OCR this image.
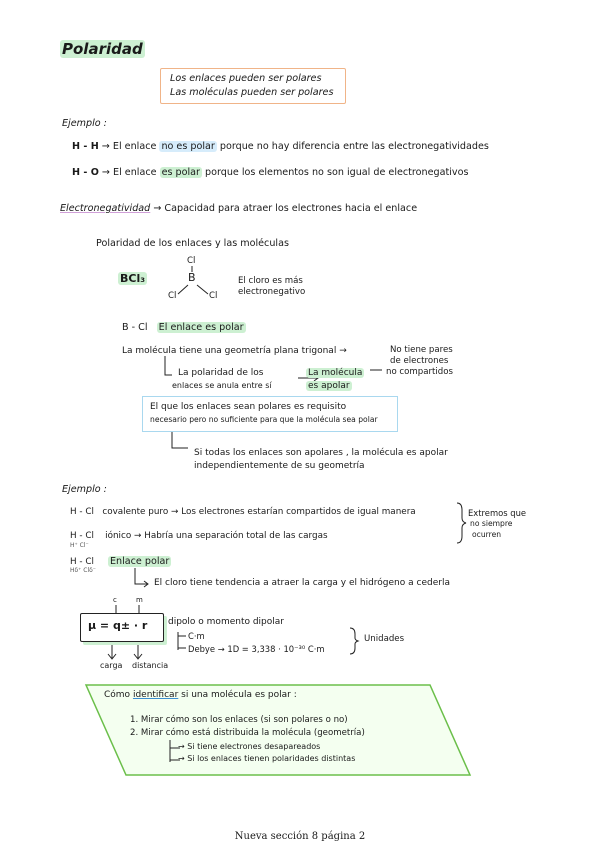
Polaridad
Los enlaces pueden ser polares
Las moléculas pueden ser polares
Ejemplo :
H - H → El enlace no es polar porque no hay diferencia entre las electronegatividades
H - O → El enlace es polar porque los elementos no son igual de electronegativos
Electronegatividad → Capacidad para atraer los electrones hacia el enlace
Polaridad de los enlaces y las moléculas
BCl₃
Cl
B
Cl	Cl
El cloro es más
electronegativo
B - Cl El enlace es polar
La molécula tiene una geometría plana trigonal →	No tiene pares
de electrones
no compartidos
La polaridad de los
enlaces se anula entre sí
La molécula
es apolar
El que los enlaces sean polares es requisito
necesario pero no suficiente para que la molécula sea polar
Si todas los enlaces son apolares , la molécula es apolar
independientemente de su geometría
Ejemplo :
H - Cl covalente puro → Los electrones estarían compartidos de igual manera
H - Cl iónico → Habría una separación total de las cargas
H⁺ Cl⁻
Extremos que
no siempre
ocurren
H - Cl Enlace polar
Hδ⁺ Clδ⁻
El cloro tiene tendencia a atraer la carga y el hidrógeno a cederla
c	m
μ = q± · r dipolo o momento dipolar
C·m
Debye → 1D = 3,338 · 10⁻³⁰ C·m
Unidades
carga distancia
Cómo identificar si una molécula es polar :
1. Mirar cómo son los enlaces (si son polares o no)
2. Mirar cómo está distribuida la molécula (geometría)
→ Si tiene electrones desapareados
→ Si los enlaces tienen polaridades distintas
Nueva sección 8 página 2
